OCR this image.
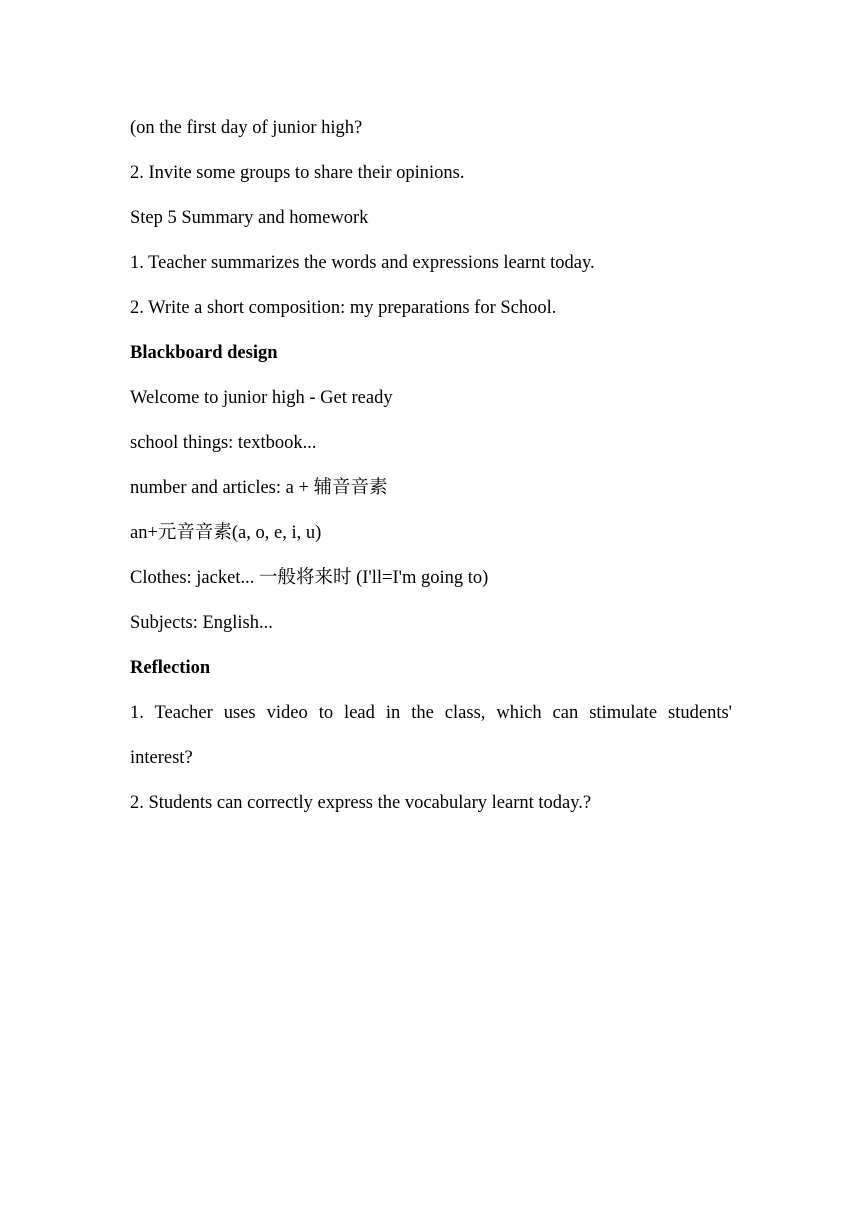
(on the first day of junior high?
2. Invite some groups to share their opinions.
Step 5 Summary and homework
1. Teacher summarizes the words and expressions learnt today.
2. Write a short composition: my preparations for School.
Blackboard design
Welcome to junior high - Get ready
school things: textbook...
number and articles: a + 辅音音素
an+元音音素(a, o, e, i, u)
Clothes: jacket... 一般将来时 (I'll=I'm going to)
Subjects: English...
Reflection
1. Teacher uses video to lead in the class, which can stimulate students'
interest?
2. Students can correctly express the vocabulary learnt today.?
